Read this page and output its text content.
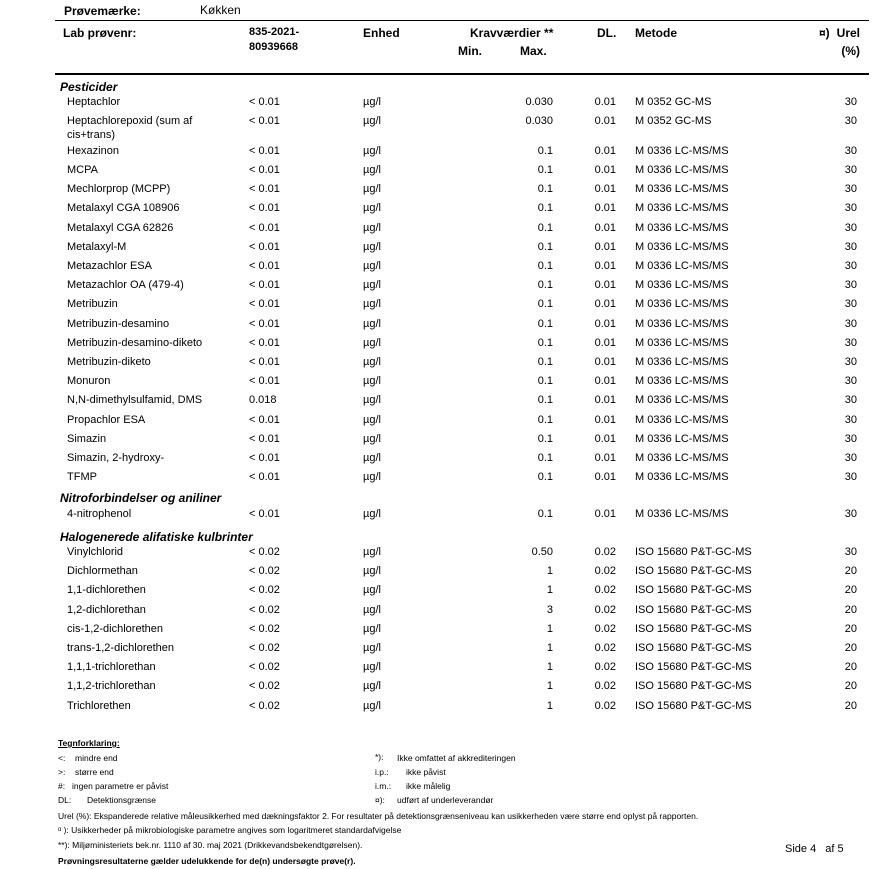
Prøvemærke:	Køkken
Lab prøvenr:	835-2021-
80939668
Enhed	Kravværdier **
Min.	Max.
DL. Metode	¤) Urel
(%)
Pesticider
Heptachlor	< 0.01	µg/l	0.030	0.01 M 0352 GC-MS	30
Heptachlorepoxid (sum af	< 0.01	µg/l	0.030	0.01 M 0352 GC-MS	30
cis+trans)
Hexazinon	< 0.01	µg/l	0.1	0.01 M 0336 LC-MS/MS	30
MCPA	< 0.01	µg/l	0.1	0.01 M 0336 LC-MS/MS	30
Mechlorprop (MCPP)	< 0.01	µg/l	0.1	0.01 M 0336 LC-MS/MS	30
Metalaxyl CGA 108906	< 0.01	µg/l	0.1	0.01 M 0336 LC-MS/MS	30
Metalaxyl CGA 62826	< 0.01	µg/l	0.1	0.01 M 0336 LC-MS/MS	30
Metalaxyl-M	< 0.01	µg/l	0.1	0.01 M 0336 LC-MS/MS	30
Metazachlor ESA	< 0.01	µg/l	0.1	0.01 M 0336 LC-MS/MS	30
Metazachlor OA (479-4)	< 0.01	µg/l	0.1	0.01 M 0336 LC-MS/MS	30
Metribuzin	< 0.01	µg/l	0.1	0.01 M 0336 LC-MS/MS	30
Metribuzin-desamino	< 0.01	µg/l	0.1	0.01 M 0336 LC-MS/MS	30
Metribuzin-desamino-diketo	< 0.01	µg/l	0.1	0.01 M 0336 LC-MS/MS	30
Metribuzin-diketo	< 0.01	µg/l	0.1	0.01 M 0336 LC-MS/MS	30
Monuron	< 0.01	µg/l	0.1	0.01 M 0336 LC-MS/MS	30
N,N-dimethylsulfamid, DMS	0.018	µg/l	0.1	0.01 M 0336 LC-MS/MS	30
Propachlor ESA	< 0.01	µg/l	0.1	0.01 M 0336 LC-MS/MS	30
Simazin	< 0.01	µg/l	0.1	0.01 M 0336 LC-MS/MS	30
Simazin, 2-hydroxy-	< 0.01	µg/l	0.1	0.01 M 0336 LC-MS/MS	30
TFMP	< 0.01	µg/l	0.1	0.01 M 0336 LC-MS/MS	30
Nitroforbindelser og aniliner
4-nitrophenol	< 0.01	µg/l	0.1	0.01 M 0336 LC-MS/MS	30
Halogenerede alifatiske kulbrinter
Vinylchlorid	< 0.02	µg/l	0.50	0.02 ISO 15680 P&T-GC-MS	30
Dichlormethan	< 0.02	µg/l	1	0.02 ISO 15680 P&T-GC-MS	20
1,1-dichlorethen	< 0.02	µg/l	1	0.02 ISO 15680 P&T-GC-MS	20
1,2-dichlorethan	< 0.02	µg/l	3	0.02 ISO 15680 P&T-GC-MS	20
cis-1,2-dichlorethen	< 0.02	µg/l	1	0.02 ISO 15680 P&T-GC-MS	20
trans-1,2-dichlorethen	< 0.02	µg/l	1	0.02 ISO 15680 P&T-GC-MS	20
1,1,1-trichlorethan	< 0.02	µg/l	1	0.02 ISO 15680 P&T-GC-MS	20
1,1,2-trichlorethan	< 0.02	µg/l	1	0.02 ISO 15680 P&T-GC-MS	20
Trichlorethen	< 0.02	µg/l	1	0.02 ISO 15680 P&T-GC-MS	20
Tegnforklaring:
<: mindre end
>: større end
#: ingen parametre er påvist
DL: Detektionsgrænse
*): Ikke omfattet af akkrediteringen
i.p.: ikke påvist
i.m.: ikke målelig
¤): udført af underleverandør
Urel (%): Ekspanderede relative måleusikkerhed med dækningsfaktor 2. For resultater på detektionsgrænseniveau kan usikkerheden være større end oplyst på rapporten.
ᵅ ): Usikkerheder på mikrobiologiske parametre angives som logaritmeret standardafvigelse
**): Miljøministeriets bek.nr. 1110 af 30. maj 2021 (Drikkevandsbekendtgørelsen).
Prøvningsresultaterne gælder udelukkende for de(n) undersøgte prøve(r).
Side 4 af 5
